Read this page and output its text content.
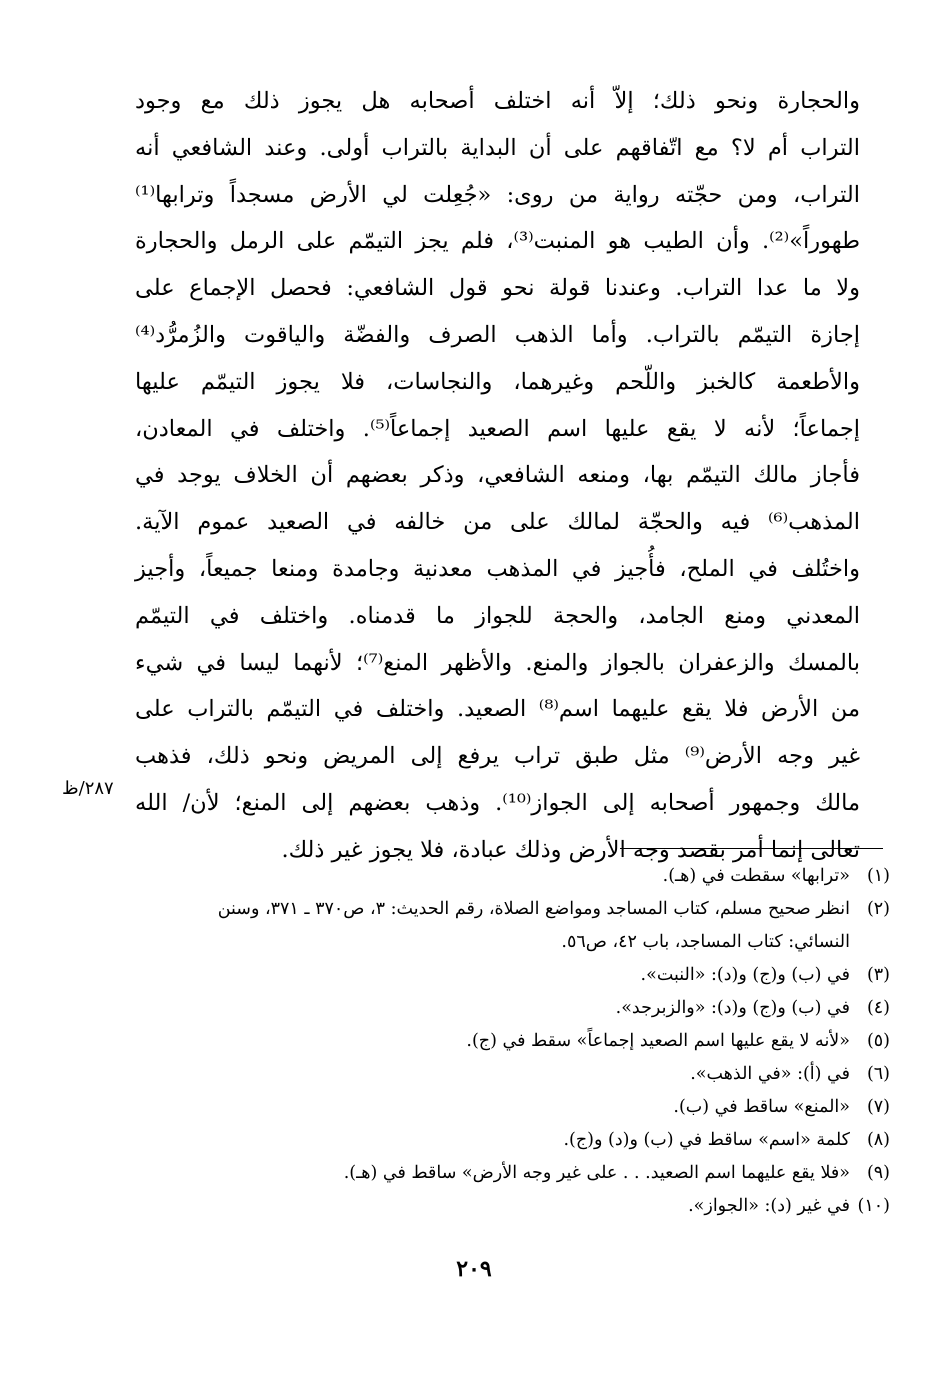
والحجارة ونحو ذلك؛ إلاّ أنه اختلف أصحابه هل يجوز ذلك مع وجود
التراب أم لا؟ مع اتّفاقهم على أن البداية بالتراب أولى. وعند الشافعي أنه
التراب، ومن حجّته رواية من روى: «جُعِلت لي الأرض مسجداً وترابها⁽¹⁾
طهوراً»⁽²⁾. وأن الطيب هو المنبت⁽³⁾، فلم يجز التيمّم على الرمل والحجارة
ولا ما عدا التراب. وعندنا قولة نحو قول الشافعي: فحصل الإجماع على
إجازة التيمّم بالتراب. وأما الذهب الصرف والفضّة والياقوت والزُمرُّد⁽⁴⁾
والأطعمة كالخبز واللّحم وغيرهما، والنجاسات، فلا يجوز التيمّم عليها
إجماعاً؛ لأنه لا يقع عليها اسم الصعيد إجماعاً⁽⁵⁾. واختلف في المعادن،
فأجاز مالك التيمّم بها، ومنعه الشافعي، وذكر بعضهم أن الخلاف يوجد في
المذهب⁽⁶⁾ فيه والحجّة لمالك على من خالفه في الصعيد عموم الآية.
واختُلف في الملح، فأُجيز في المذهب معدنية وجامدة ومنعا جميعاً، وأجيز
المعدني ومنع الجامد، والحجة للجواز ما قدمناه. واختلف في التيمّم
بالمسك والزعفران بالجواز والمنع. والأظهر المنع⁽⁷⁾؛ لأنهما ليسا في شيء
من الأرض فلا يقع عليهما اسم⁽⁸⁾ الصعيد. واختلف في التيمّم بالتراب على
غير وجه الأرض⁽⁹⁾ مثل طبق تراب يرفع إلى المريض ونحو ذلك، فذهب
مالك وجمهور أصحابه إلى الجواز⁽¹⁰⁾. وذهب بعضهم إلى المنع؛ لأن/ الله
تعالى إنما أمر بقصد وجه الأرض وذلك عبادة، فلا يجوز غير ذلك.
٢٨٧/ظ
(١)
«ترابها» سقطت في (هـ).
(٢)
انظر صحيح مسلم، كتاب المساجد ومواضع الصلاة، رقم الحديث: ٣، ص٣٧٠ ـ ٣٧١، وسنن النسائي: كتاب المساجد، باب ٤٢، ص٥٦.
(٣)
في (ب) و(ج) و(د): «النبت».
(٤)
في (ب) و(ج) و(د): «والزبرجد».
(٥)
«لأنه لا يقع عليها اسم الصعيد إجماعاً» سقط في (ج).
(٦)
في (أ): «في الذهب».
(٧)
«المنع» ساقط في (ب).
(٨)
كلمة «اسم» ساقط في (ب) و(د) و(ج).
(٩)
«فلا يقع عليهما اسم الصعيد. . . على غير وجه الأرض» ساقط في (هـ).
(١٠)
في غير (د): «الجواز».
٢٠٩
